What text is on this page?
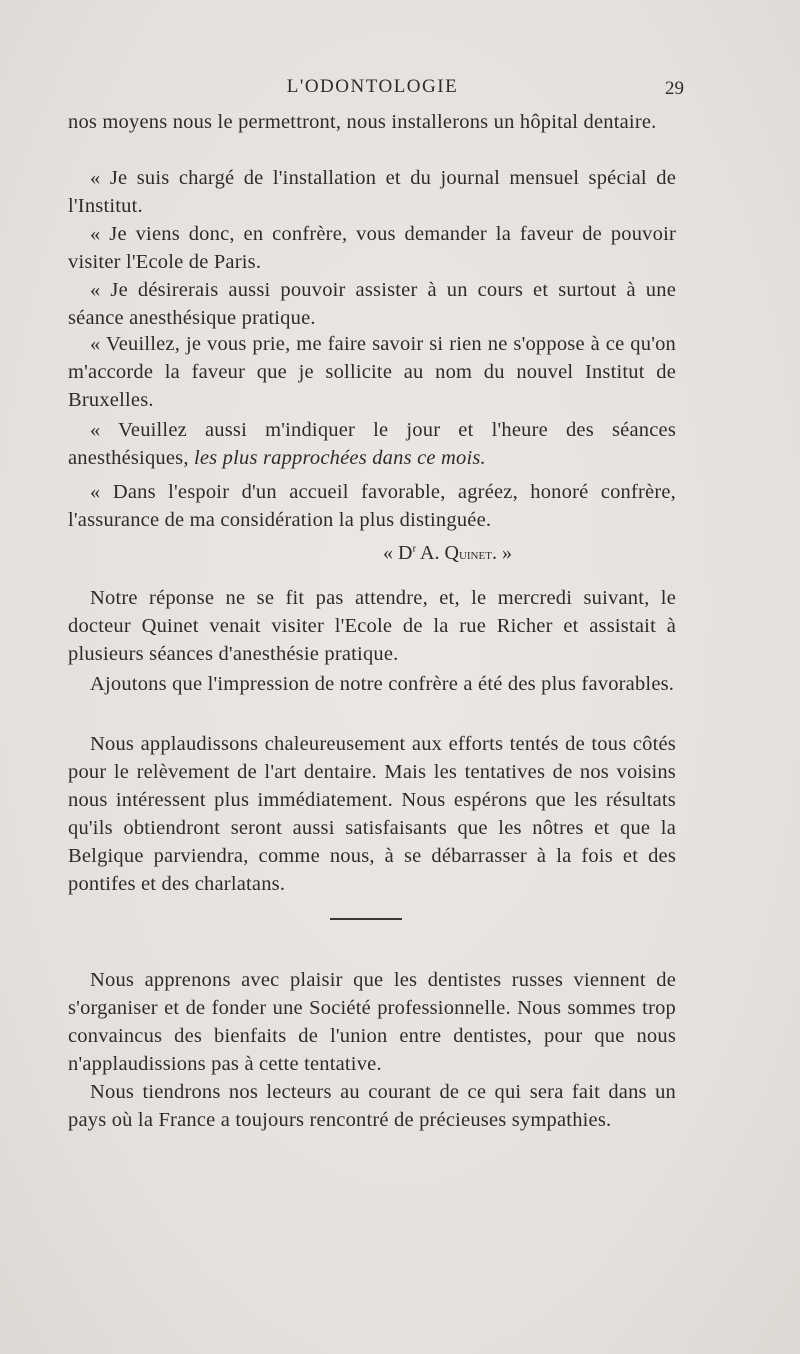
L'ODONTOLOGIE	29

nos moyens nous le permettront, nous installerons un hôpital dentaire.

« Je suis chargé de l'installation et du journal mensuel spécial de l'Institut.

« Je viens donc, en confrère, vous demander la faveur de pouvoir visiter l'Ecole de Paris.

« Je désirerais aussi pouvoir assister à un cours et surtout à une séance anesthésique pratique.

« Veuillez, je vous prie, me faire savoir si rien ne s'oppose à ce qu'on m'accorde la faveur que je sollicite au nom du nouvel Institut de Bruxelles.

« Veuillez aussi m'indiquer le jour et l'heure des séances anesthésiques, les plus rapprochées dans ce mois.

« Dans l'espoir d'un accueil favorable, agréez, honoré confrère, l'assurance de ma considération la plus distinguée.

« $D^r$ A. Quinet. »

Notre réponse ne se fit pas attendre, et, le mercredi suivant, le docteur Quinet venait visiter l'Ecole de la rue Richer et assistait à plusieurs séances d'anesthésie pratique.

Ajoutons que l'impression de notre confrère a été des plus favorables.

Nous applaudissons chaleureusement aux efforts tentés de tous côtés pour le relèvement de l'art dentaire. Mais les tentatives de nos voisins nous intéressent plus immédiatement. Nous espérons que les résultats qu'ils obtiendront seront aussi satisfaisants que les nôtres et que la Belgique parviendra, comme nous, à se débarrasser à la fois et des pontifes et des charlatans.

Nous apprenons avec plaisir que les dentistes russes viennent de s'organiser et de fonder une Société professionnelle. Nous sommes trop convaincus des bienfaits de l'union entre dentistes, pour que nous n'applaudissions pas à cette tentative.

Nous tiendrons nos lecteurs au courant de ce qui sera fait dans un pays où la France a toujours rencontré de précieuses sympathies.
